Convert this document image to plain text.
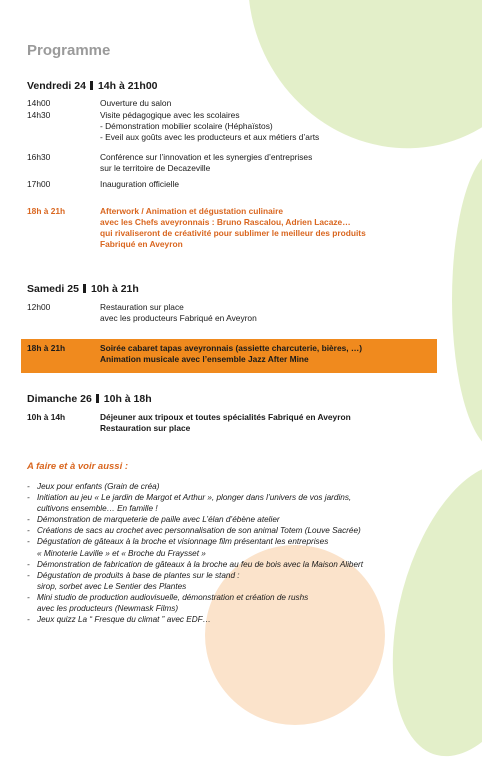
Programme
Vendredi 24 14h à 21h00
14h00	Ouverture du salon
14h30	Visite pédagogique avec les scolaires
- Démonstration mobilier scolaire (Héphaïstos)
- Eveil aux goûts avec les producteurs et aux métiers d’arts
16h30	Conférence sur l’innovation et les synergies d’entreprises
sur le territoire de Decazeville
17h00	Inauguration officielle
18h à 21h	Afterwork / Animation et dégustation culinaire
avec les Chefs aveyronnais : Bruno Rascalou, Adrien Lacaze…
qui rivaliseront de créativité pour sublimer le meilleur des produits
Fabriqué en Aveyron
Samedi 25 10h à 21h
12h00	Restauration sur place
avec les producteurs Fabriqué en Aveyron
18h à 21h	Soirée cabaret tapas aveyronnais (assiette charcuterie, bières, …)
Animation musicale avec l’ensemble Jazz After Mine
Dimanche 26 10h à 18h
10h à 14h	Déjeuner aux tripoux et toutes spécialités Fabriqué en Aveyron
Restauration sur place
A faire et à voir aussi :
- Jeux pour enfants (Grain de créa)
- Initiation au jeu « Le jardin de Margot et Arthur », plonger dans l’univers de vos jardins,
cultivons ensemble… En famille !
- Démonstration de marqueterie de paille avec L’élan d’ébène atelier
- Créations de sacs au crochet avec personnalisation de son animal Totem (Louve Sacrée)
- Dégustation de gâteaux à la broche et visionnage film présentant les entreprises
« Minoterie Laville » et « Broche du Fraysset »
- Démonstration de fabrication de gâteaux à la broche au feu de bois avec la Maison Alibert
- Dégustation de produits à base de plantes sur le stand :
sirop, sorbet avec Le Sentier des Plantes
- Mini studio de production audiovisuelle, démonstration et création de rushs
avec les producteurs (Newmask Films)
- Jeux quizz La “ Fresque du climat ” avec EDF…
